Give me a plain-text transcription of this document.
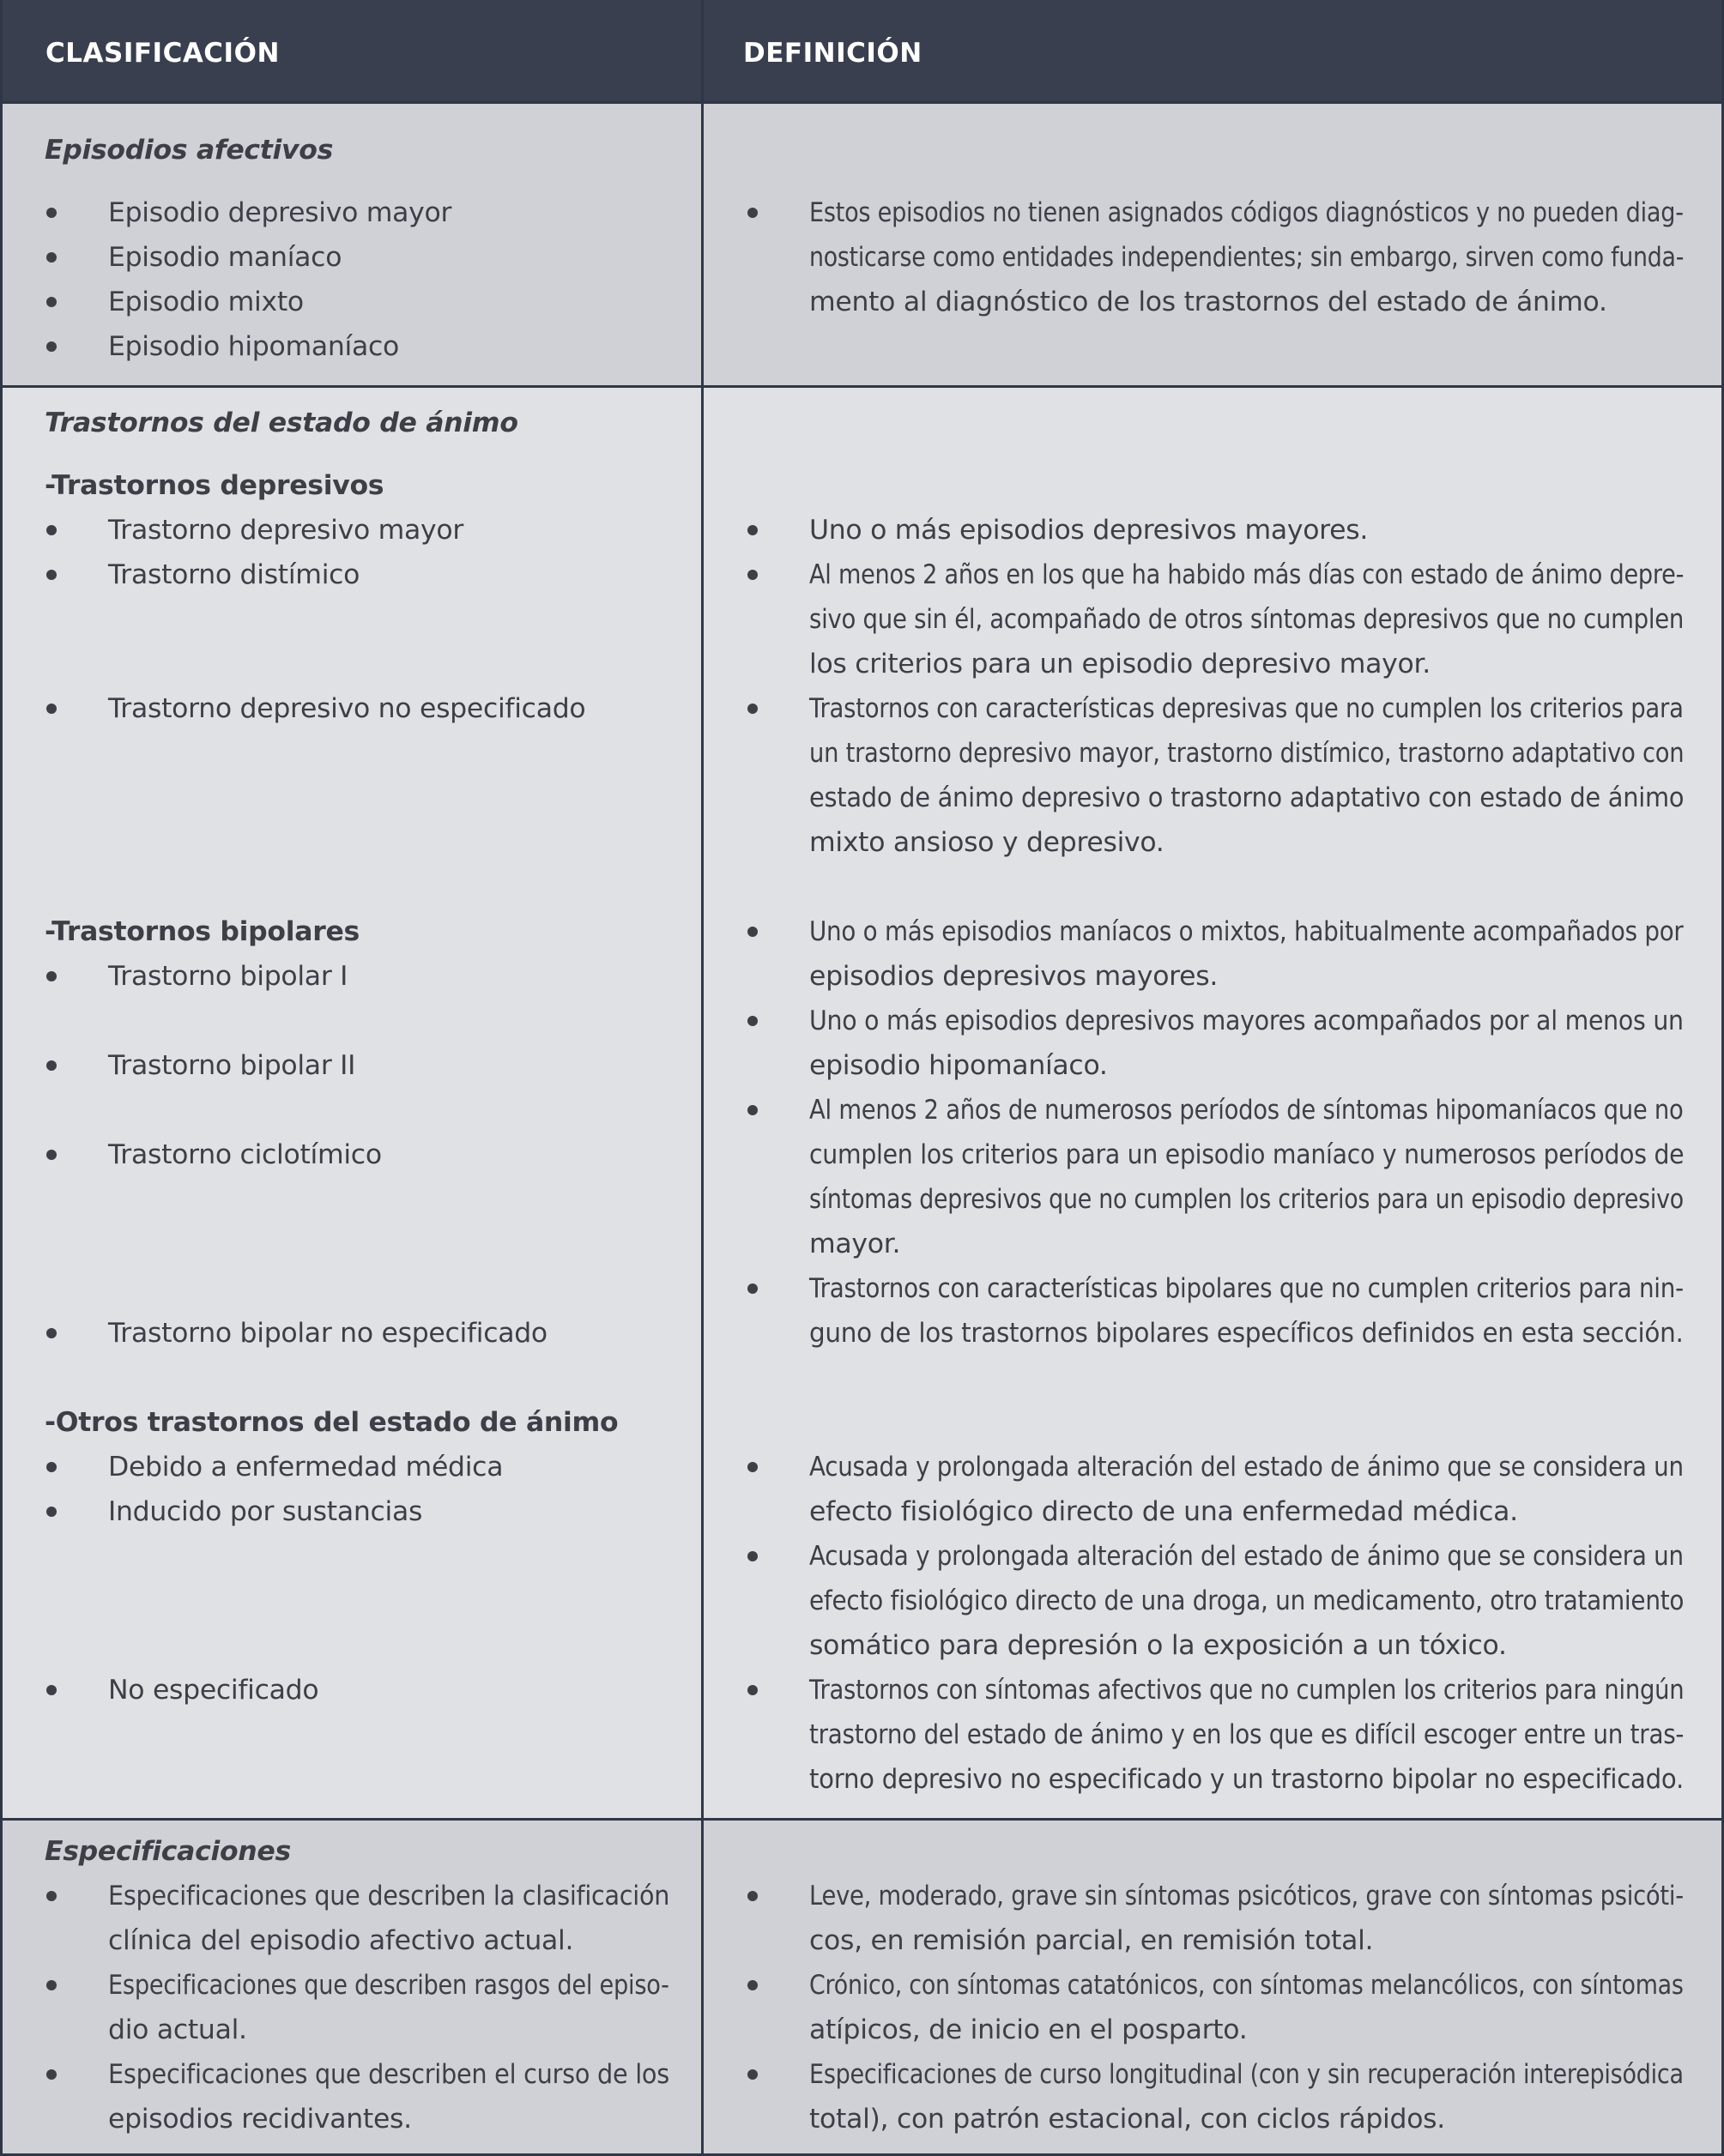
CLASIFICACIÓN	DEFINICIÓN
Episodios afectivos
Episodio depresivo mayor
Episodio maníaco
Episodio mixto
Episodio hipomaníaco
Estos episodios no tienen asignados códigos diagnósticos y no pueden diag-
nosticarse como entidades independientes; sin embargo, sirven como funda-
mento al diagnóstico de los trastornos del estado de ánimo.
Trastornos del estado de ánimo
-Trastornos depresivos
Trastorno depresivo mayor
Trastorno distímico
Trastorno depresivo no especificado
Uno o más episodios depresivos mayores.
Al menos 2 años en los que ha habido más días con estado de ánimo depre-
sivo que sin él, acompañado de otros síntomas depresivos que no cumplen
los criterios para un episodio depresivo mayor.
Trastornos con características depresivas que no cumplen los criterios para
un trastorno depresivo mayor, trastorno distímico, trastorno adaptativo con
estado de ánimo depresivo o trastorno adaptativo con estado de ánimo
mixto ansioso y depresivo.
-Trastornos bipolares
Trastorno bipolar I
Trastorno bipolar II
Trastorno ciclotímico
Trastorno bipolar no especificado
Uno o más episodios maníacos o mixtos, habitualmente acompañados por
episodios depresivos mayores.
Uno o más episodios depresivos mayores acompañados por al menos un
episodio hipomaníaco.
Al menos 2 años de numerosos períodos de síntomas hipomaníacos que no
cumplen los criterios para un episodio maníaco y numerosos períodos de
síntomas depresivos que no cumplen los criterios para un episodio depresivo
mayor.
Trastornos con características bipolares que no cumplen criterios para nin-
guno de los trastornos bipolares específicos definidos en esta sección.
-Otros trastornos del estado de ánimo
Debido a enfermedad médica
Inducido por sustancias
No especificado
Acusada y prolongada alteración del estado de ánimo que se considera un
efecto fisiológico directo de una enfermedad médica.
Acusada y prolongada alteración del estado de ánimo que se considera un
efecto fisiológico directo de una droga, un medicamento, otro tratamiento
somático para depresión o la exposición a un tóxico.
Trastornos con síntomas afectivos que no cumplen los criterios para ningún
trastorno del estado de ánimo y en los que es difícil escoger entre un tras-
torno depresivo no especificado y un trastorno bipolar no especificado.
Especificaciones
Especificaciones que describen la clasificación
clínica del episodio afectivo actual.
Especificaciones que describen rasgos del episo-
dio actual.
Especificaciones que describen el curso de los
episodios recidivantes.
Leve, moderado, grave sin síntomas psicóticos, grave con síntomas psicóti-
cos, en remisión parcial, en remisión total.
Crónico, con síntomas catatónicos, con síntomas melancólicos, con síntomas
atípicos, de inicio en el posparto.
Especificaciones de curso longitudinal (con y sin recuperación interepisódica
total), con patrón estacional, con ciclos rápidos.
